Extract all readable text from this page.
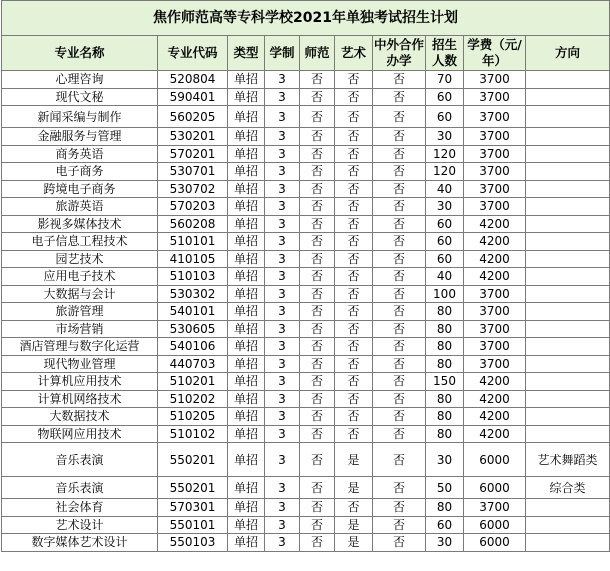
焦作师范高等专科学校2021年单独考试招生计划									
专业名称	专业代码	类型	学制	师范	艺术	中外合作办学	招生人数	学费（元/年）	方向
心理咨询	520804	单招	3	否	否	否	70	3700	
现代文秘	590401	单招	3	否	否	否	60	3700	
新闻采编与制作	560205	单招	3	否	否	否	60	3700	
金融服务与管理	530201	单招	3	否	否	否	30	3700	
商务英语	570201	单招	3	否	否	否	120	3700	
电子商务	530701	单招	3	否	否	否	120	3700	
跨境电子商务	530702	单招	3	否	否	否	40	3700	
旅游英语	570203	单招	3	否	否	否	30	3700	
影视多媒体技术	560208	单招	3	否	否	否	60	4200	
电子信息工程技术	510101	单招	3	否	否	否	60	4200	
园艺技术	410105	单招	3	否	否	否	60	4200	
应用电子技术	510103	单招	3	否	否	否	40	4200	
大数据与会计	530302	单招	3	否	否	否	100	3700	
旅游管理	540101	单招	3	否	否	否	80	3700	
市场营销	530605	单招	3	否	否	否	80	3700	
酒店管理与数字化运营	540106	单招	3	否	否	否	80	3700	
现代物业管理	440703	单招	3	否	否	否	80	3700	
计算机应用技术	510201	单招	3	否	否	否	150	4200	
计算机网络技术	510202	单招	3	否	否	否	80	4200	
大数据技术	510205	单招	3	否	否	否	80	4200	
物联网应用技术	510102	单招	3	否	否	否	80	4200	
音乐表演	550201	单招	3	否	是	否	30	6000	艺术舞蹈类
音乐表演	550201	单招	3	否	是	否	50	6000	综合类
社会体育	570301	单招	3	否	否	否	80	3700	
艺术设计	550101	单招	3	否	是	否	60	6000	
数字媒体艺术设计	550103	单招	3	否	是	否	30	6000	
